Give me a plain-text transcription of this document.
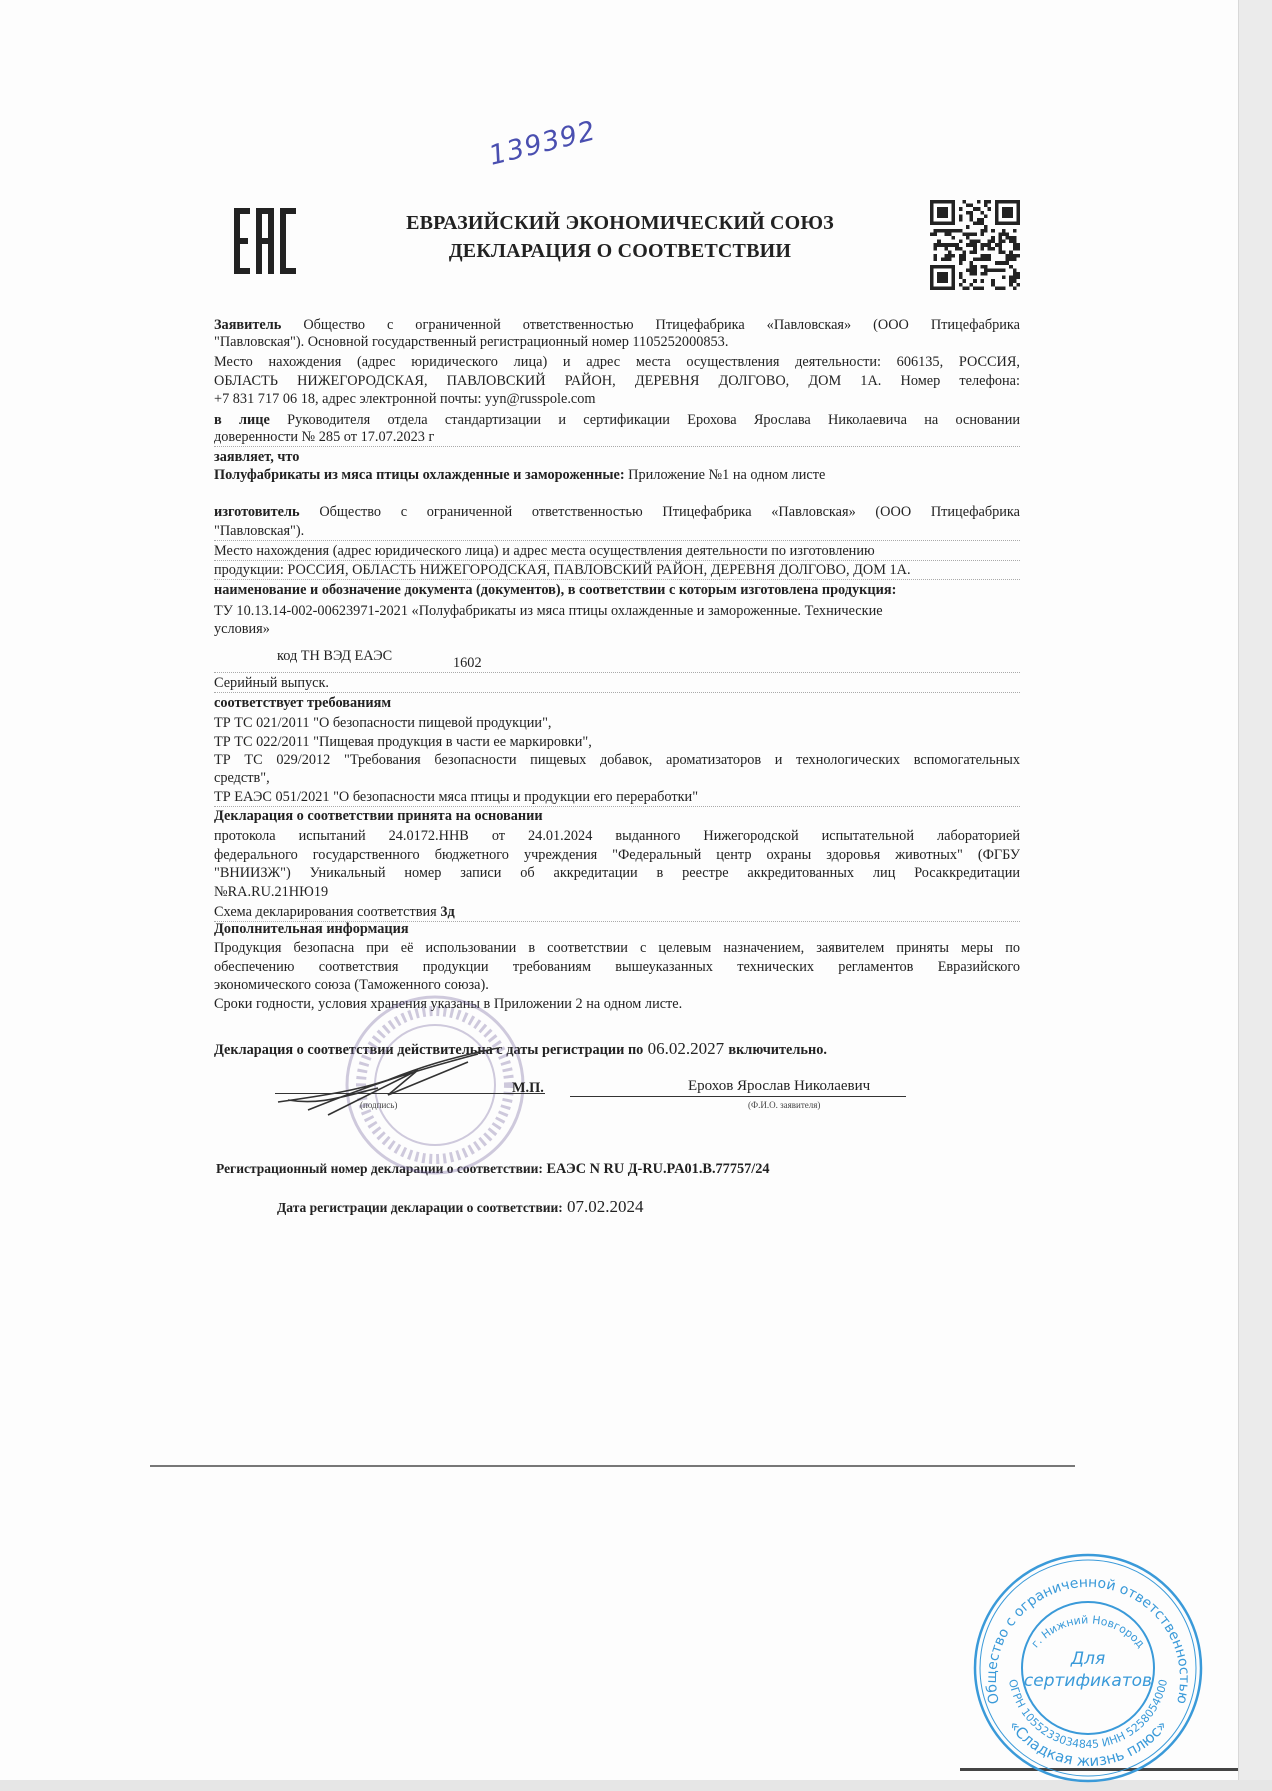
139392
ЕВРАЗИЙСКИЙ ЭКОНОМИЧЕСКИЙ СОЮЗ
ДЕКЛАРАЦИЯ О СООТВЕТСТВИИ
Заявитель Общество с ограниченной ответственностью Птицефабрика «Павловская» (ООО Птицефабрика
"Павловская"). Основной государственный регистрационный номер 1105252000853.
Место нахождения (адрес юридического лица) и адрес места осуществления деятельности: 606135, РОССИЯ,
ОБЛАСТЬ НИЖЕГОРОДСКАЯ, ПАВЛОВСКИЙ РАЙОН, ДЕРЕВНЯ ДОЛГОВО, ДОМ 1А. Номер телефона:
+7 831 717 06 18, адрес электронной почты: yyn@russpole.com
в лице Руководителя отдела стандартизации и сертификации Ерохова Ярослава Николаевича на основании
доверенности № 285 от 17.07.2023 г
заявляет, что
Полуфабрикаты из мяса птицы охлажденные и замороженные: Приложение №1 на одном листе
изготовитель Общество с ограниченной ответственностью Птицефабрика «Павловская» (ООО Птицефабрика
"Павловская").
Место нахождения (адрес юридического лица) и адрес места осуществления деятельности по изготовлению
продукции: РОССИЯ, ОБЛАСТЬ НИЖЕГОРОДСКАЯ, ПАВЛОВСКИЙ РАЙОН, ДЕРЕВНЯ ДОЛГОВО, ДОМ 1А.
наименование и обозначение документа (документов), в соответствии с которым изготовлена продукция:
ТУ 10.13.14-002-00623971-2021 «Полуфабрикаты из мяса птицы охлажденные и замороженные. Технические
условия»
код ТН ВЭД ЕАЭС	1602
Серийный выпуск.
соответствует требованиям
ТР ТС 021/2011 "О безопасности пищевой продукции",
ТР ТС 022/2011 "Пищевая продукция в части ее маркировки",
ТР ТС 029/2012 "Требования безопасности пищевых добавок, ароматизаторов и технологических вспомогательных
средств",
ТР ЕАЭС 051/2021 "О безопасности мяса птицы и продукции его переработки"
Декларация о соответствии принята на основании
протокола испытаний 24.0172.ННВ от 24.01.2024 выданного Нижегородской испытательной лабораторией
федерального государственного бюджетного учреждения "Федеральный центр охраны здоровья животных" (ФГБУ
"ВНИИЗЖ") Уникальный номер записи об аккредитации в реестре аккредитованных лиц Росаккредитации
№RA.RU.21НЮ19
Схема декларирования соответствия 3д
Дополнительная информация
Продукция безопасна при её использовании в соответствии с целевым назначением, заявителем приняты меры по
обеспечению соответствия продукции требованиям вышеуказанных технических регламентов Евразийского
экономического союза (Таможенного союза).
Сроки годности, условия хранения указаны в Приложении 2 на одном листе.
Декларация о соответствии действительна с даты регистрации по 06.02.2027 включительно.
Регистрационный номер декларации о соответствии: ЕАЭС N RU Д-RU.PA01.B.77757/24
Дата регистрации декларации о соответствии: 07.02.2024
М.П.	Ерохов Ярослав Николаевич
(подпись)	(Ф.И.О. заявителя)
Общество с ограниченной ответственностью
г. Нижний Новгород
«Сладкая жизнь плюс»
ОГРН 1055233034845 ИНН 5258054000
Для
сертификатов
